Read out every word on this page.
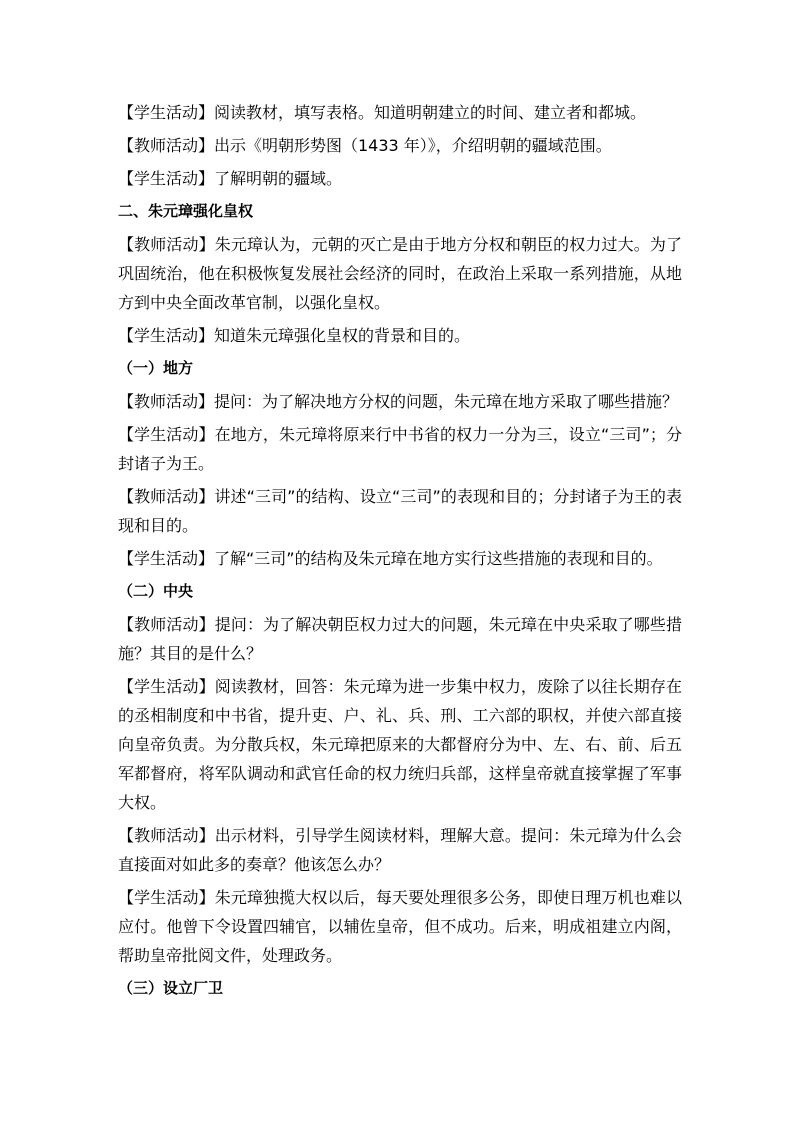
【学生活动】阅读教材，填写表格。知道明朝建立的时间、建立者和都城。

【教师活动】出示《明朝形势图（1433 年）》，介绍明朝的疆域范围。

【学生活动】了解明朝的疆域。

二、朱元璋强化皇权

【教师活动】朱元璋认为，元朝的灭亡是由于地方分权和朝臣的权力过大。为了巩固统治，他在积极恢复发展社会经济的同时，在政治上采取一系列措施，从地方到中央全面改革官制，以强化皇权。

【学生活动】知道朱元璋强化皇权的背景和目的。

（一）地方

【教师活动】提问：为了解决地方分权的问题，朱元璋在地方采取了哪些措施？

【学生活动】在地方，朱元璋将原来行中书省的权力一分为三，设立“三司”；分封诸子为王。

【教师活动】讲述“三司”的结构、设立“三司”的表现和目的；分封诸子为王的表现和目的。

【学生活动】了解“三司”的结构及朱元璋在地方实行这些措施的表现和目的。

（二）中央

【教师活动】提问：为了解决朝臣权力过大的问题，朱元璋在中央采取了哪些措施？其目的是什么？

【学生活动】阅读教材，回答：朱元璋为进一步集中权力，废除了以往长期存在的丞相制度和中书省，提升吏、户、礼、兵、刑、工六部的职权，并使六部直接向皇帝负责。为分散兵权，朱元璋把原来的大都督府分为中、左、右、前、后五军都督府，将军队调动和武官任命的权力统归兵部，这样皇帝就直接掌握了军事大权。

【教师活动】出示材料，引导学生阅读材料，理解大意。提问：朱元璋为什么会直接面对如此多的奏章？他该怎么办？

【学生活动】朱元璋独揽大权以后，每天要处理很多公务，即使日理万机也难以应付。他曾下令设置四辅官，以辅佐皇帝，但不成功。后来，明成祖建立内阁，帮助皇帝批阅文件，处理政务。

（三）设立厂卫
